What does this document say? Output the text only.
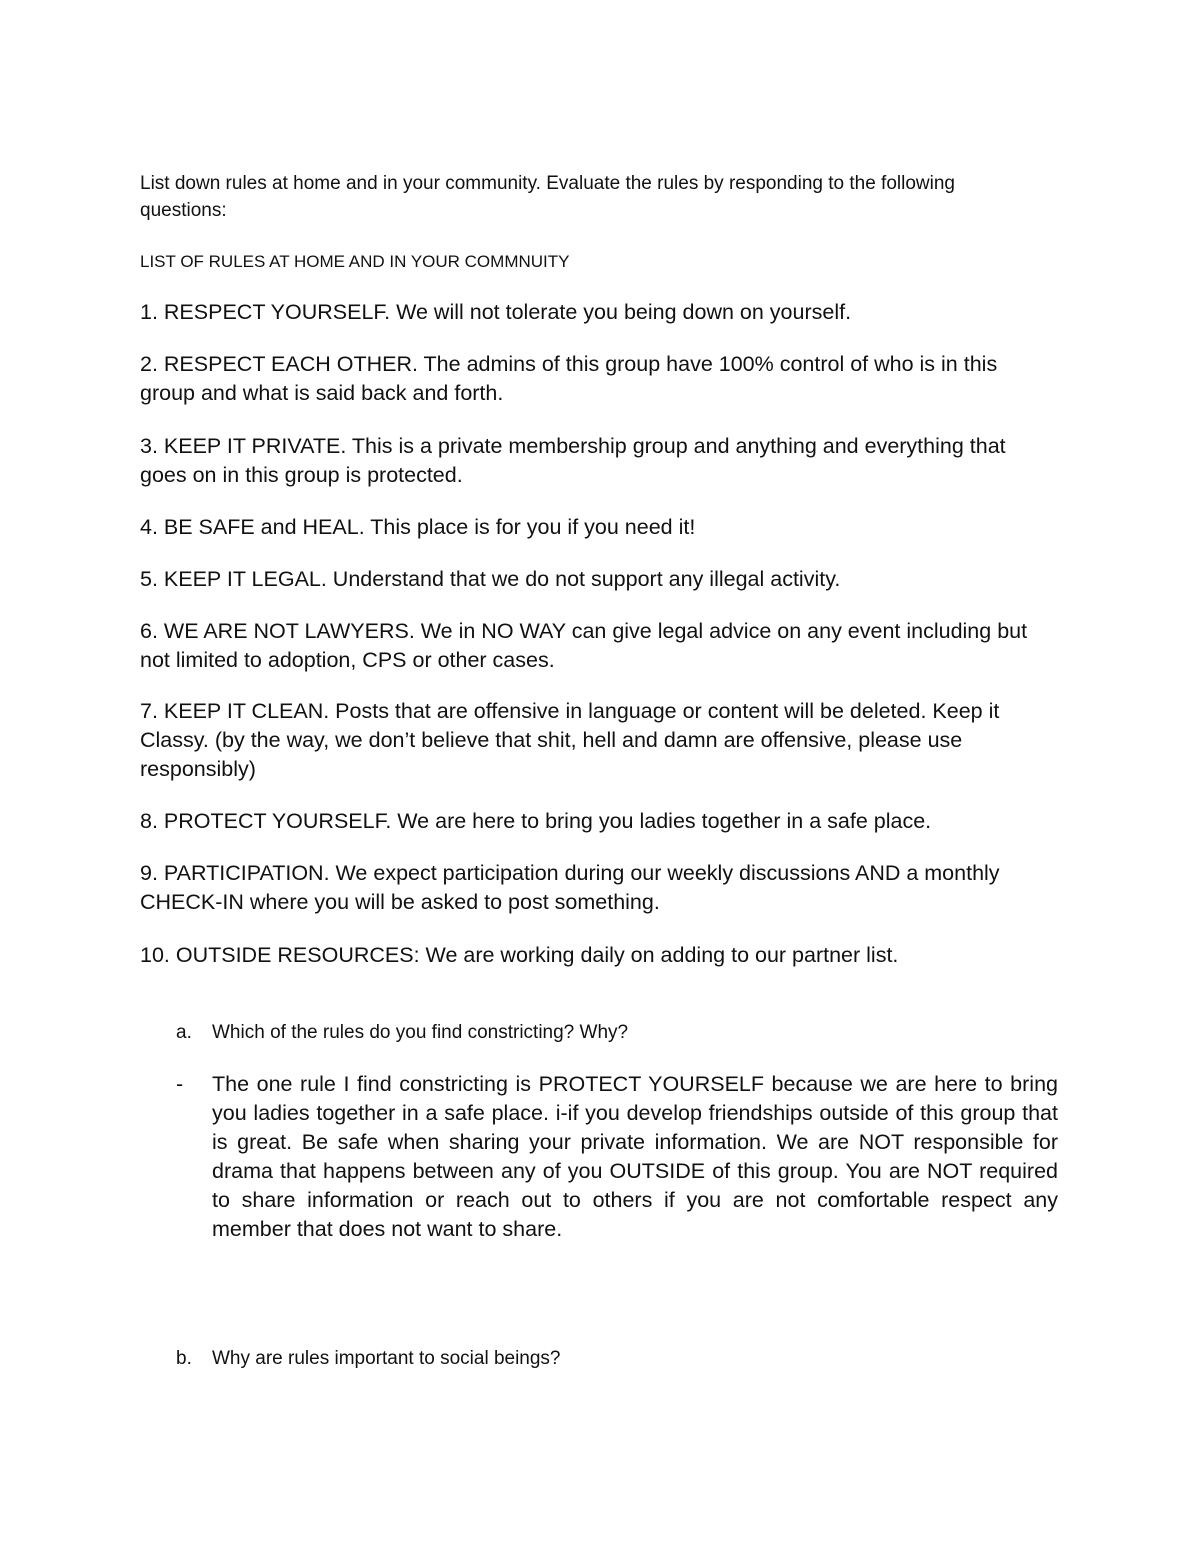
List down rules at home and in your community. Evaluate the rules by responding to the following questions:
LIST OF RULES AT HOME AND IN YOUR COMMNUITY
1. RESPECT YOURSELF. We will not tolerate you being down on yourself.
2. RESPECT EACH OTHER. The admins of this group have 100% control of who is in this group and what is said back and forth.
3. KEEP IT PRIVATE. This is a private membership group and anything and everything that goes on in this group is protected.
4. BE SAFE and HEAL. This place is for you if you need it!
5. KEEP IT LEGAL. Understand that we do not support any illegal activity.
6. WE ARE NOT LAWYERS. We in NO WAY can give legal advice on any event including but not limited to adoption, CPS or other cases.
7. KEEP IT CLEAN. Posts that are offensive in language or content will be deleted. Keep it Classy. (by the way, we don’t believe that shit, hell and damn are offensive, please use responsibly)
8. PROTECT YOURSELF. We are here to bring you ladies together in a safe place.
9. PARTICIPATION. We expect participation during our weekly discussions AND a monthly CHECK-IN where you will be asked to post something.
10. OUTSIDE RESOURCES: We are working daily on adding to our partner list.
a. Which of the rules do you find constricting? Why?
- The one rule I find constricting is PROTECT YOURSELF because we are here to bring you ladies together in a safe place. i-if you develop friendships outside of this group that is great. Be safe when sharing your private information. We are NOT responsible for drama that happens between any of you OUTSIDE of this group. You are NOT required to share information or reach out to others if you are not comfortable respect any member that does not want to share.
b. Why are rules important to social beings?
